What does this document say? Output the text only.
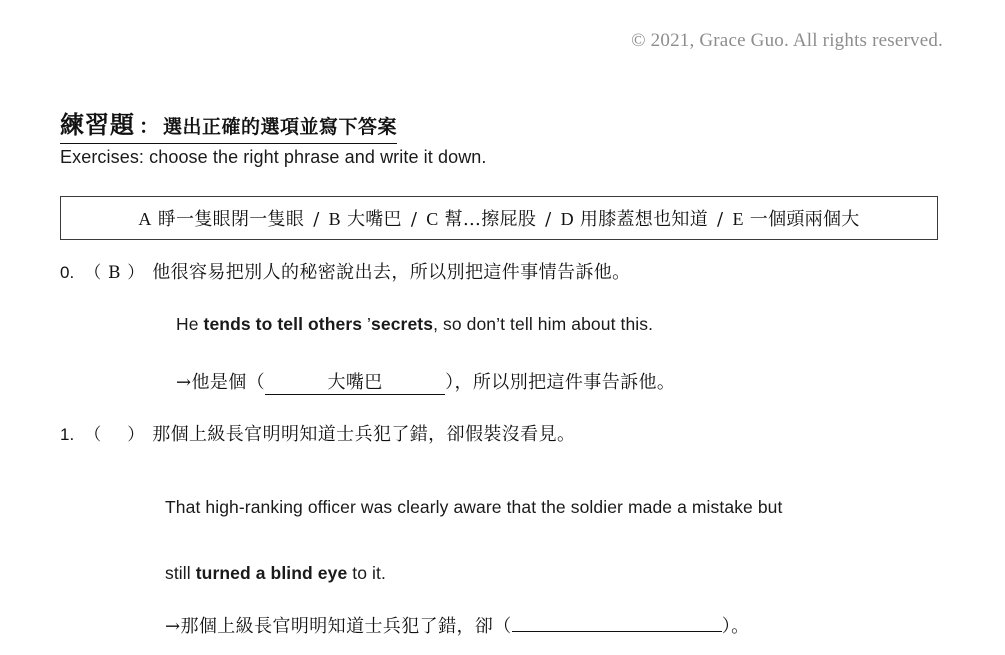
© 2021, Grace Guo. All rights reserved.
練習題 ： 選出正確的選項並寫下答案
Exercises: choose the right phrase and write it down.
A 睜一隻眼閉一隻眼 / B 大嘴巴 / C 幫…擦屁股 / D 用膝蓋想也知道 / E 一個頭兩個大
0. （ B ） 他很容易把別人的秘密說出去，所以別把這件事情告訴他。
He tends to tell others ’secrets, so don’t tell him about this.
→ 他是個（	大嘴巴	），所以別把這件事告訴他。
1. （ ） 那個上級長官明明知道士兵犯了錯，卻假裝沒看見。
That high-ranking officer was clearly aware that the soldier made a mistake but
still turned a blind eye to it.
→ 那個上級長官明明知道士兵犯了錯，卻（	）。
